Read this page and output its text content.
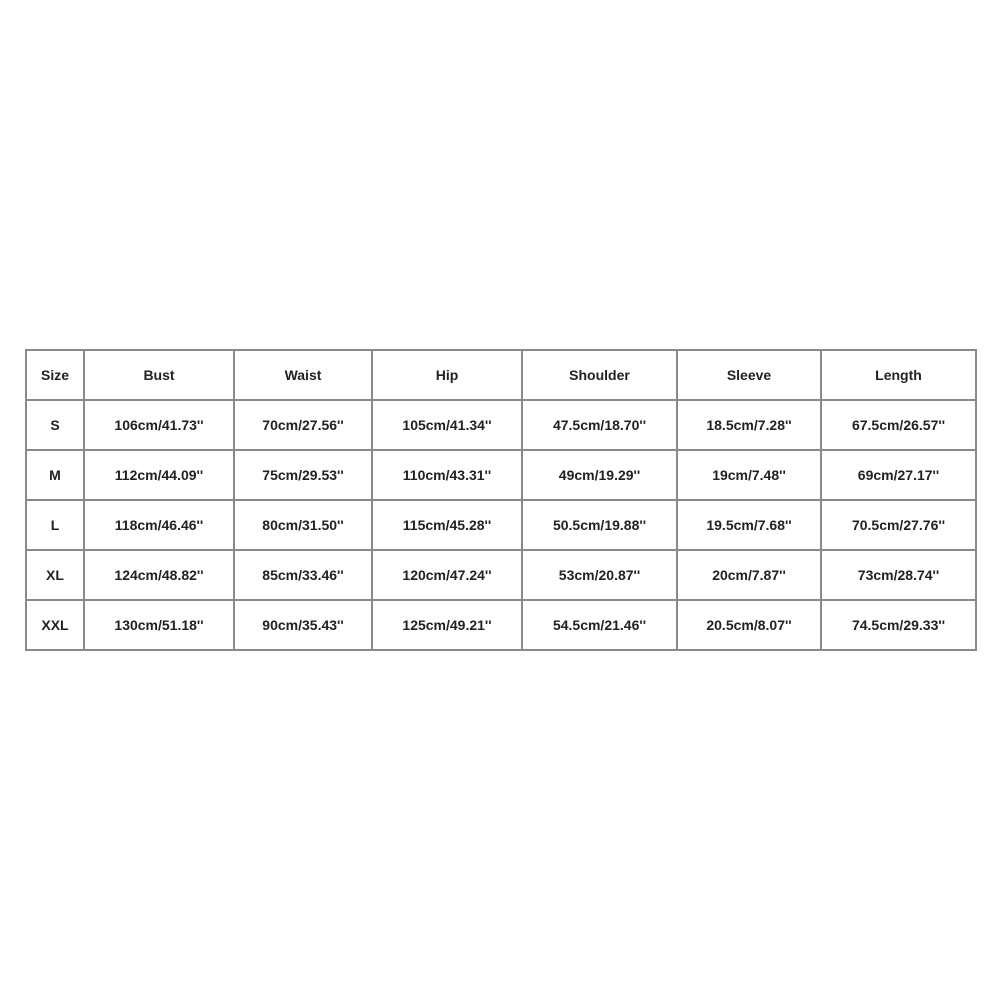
Size	Bust	Waist	Hip	Shoulder	Sleeve	Length
S	106cm/41.73''	70cm/27.56''	105cm/41.34''	47.5cm/18.70''	18.5cm/7.28''	67.5cm/26.57''
M	112cm/44.09''	75cm/29.53''	110cm/43.31''	49cm/19.29''	19cm/7.48''	69cm/27.17''
L	118cm/46.46''	80cm/31.50''	115cm/45.28''	50.5cm/19.88''	19.5cm/7.68''	70.5cm/27.76''
XL	124cm/48.82''	85cm/33.46''	120cm/47.24''	53cm/20.87''	20cm/7.87''	73cm/28.74''
XXL	130cm/51.18''	90cm/35.43''	125cm/49.21''	54.5cm/21.46''	20.5cm/8.07''	74.5cm/29.33''
